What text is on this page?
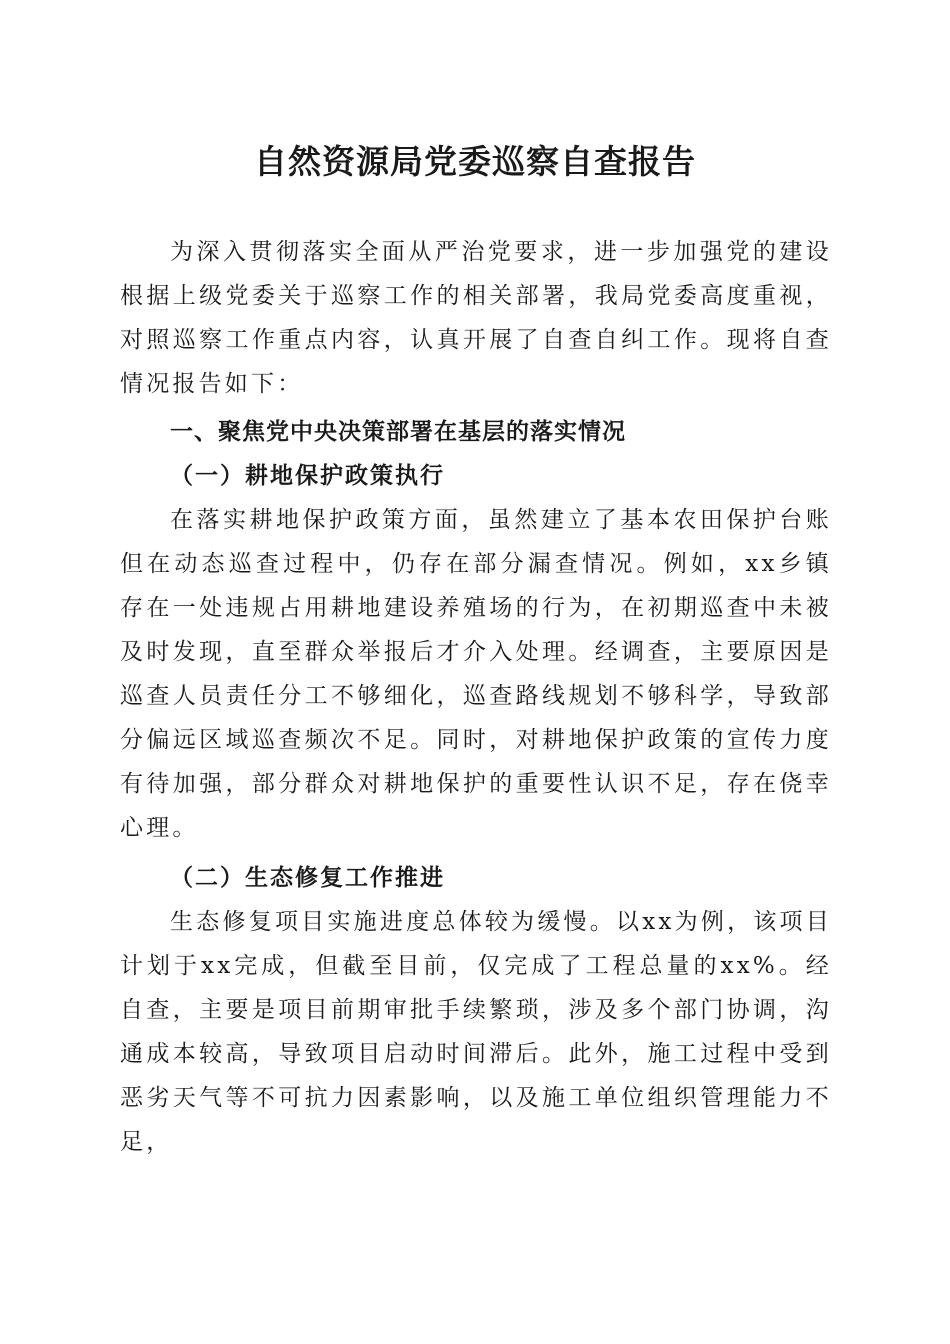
自然资源局党委巡察自查报告

为深入贯彻落实全面从严治党要求，进一步加强党的建设根据上级党委关于巡察工作的相关部署，我局党委高度重视，对照巡察工作重点内容，认真开展了自查自纠工作。现将自查情况报告如下：

一、聚焦党中央决策部署在基层的落实情况
（一）耕地保护政策执行

在落实耕地保护政策方面，虽然建立了基本农田保护台账但在动态巡查过程中，仍存在部分漏查情况。例如，xx乡镇存在一处违规占用耕地建设养殖场的行为，在初期巡查中未被及时发现，直至群众举报后才介入处理。经调查，主要原因是巡查人员责任分工不够细化，巡查路线规划不够科学，导致部分偏远区域巡查频次不足。同时，对耕地保护政策的宣传力度有待加强，部分群众对耕地保护的重要性认识不足，存在侥幸心理。

（二）生态修复工作推进

生态修复项目实施进度总体较为缓慢。以xx为例，该项目计划于xx完成，但截至目前，仅完成了工程总量的xx%。经自查，主要是项目前期审批手续繁琐，涉及多个部门协调，沟通成本较高，导致项目启动时间滞后。此外，施工过程中受到恶劣天气等不可抗力因素影响，以及施工单位组织管理能力不足，
